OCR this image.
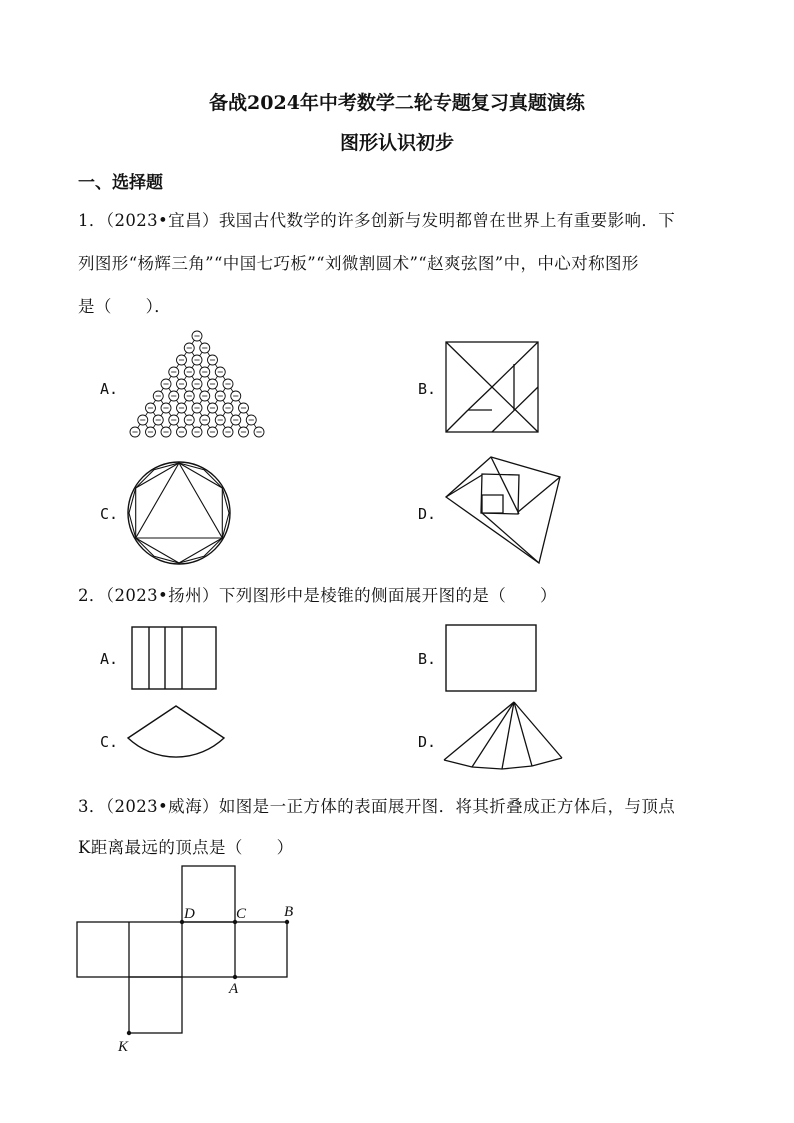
备战2024年中考数学二轮专题复习真题演练
图形认识初步
一、选择题
1．（2023•宜昌）我国古代数学的许多创新与发明都曾在世界上有重要影响．下
列图形“杨辉三角”“中国七巧板”“刘微割圆术”“赵爽弦图”中，中心对称图形
是（　　）．
A.	B.
C.	D.
2．（2023•扬州）下列图形中是棱锥的侧面展开图的是（　　）
A.	B.
C.	D.
3．（2023•威海）如图是一正方体的表面展开图．将其折叠成正方体后，与顶点
K距离最远的顶点是（　　）
D	C	B
A
K
